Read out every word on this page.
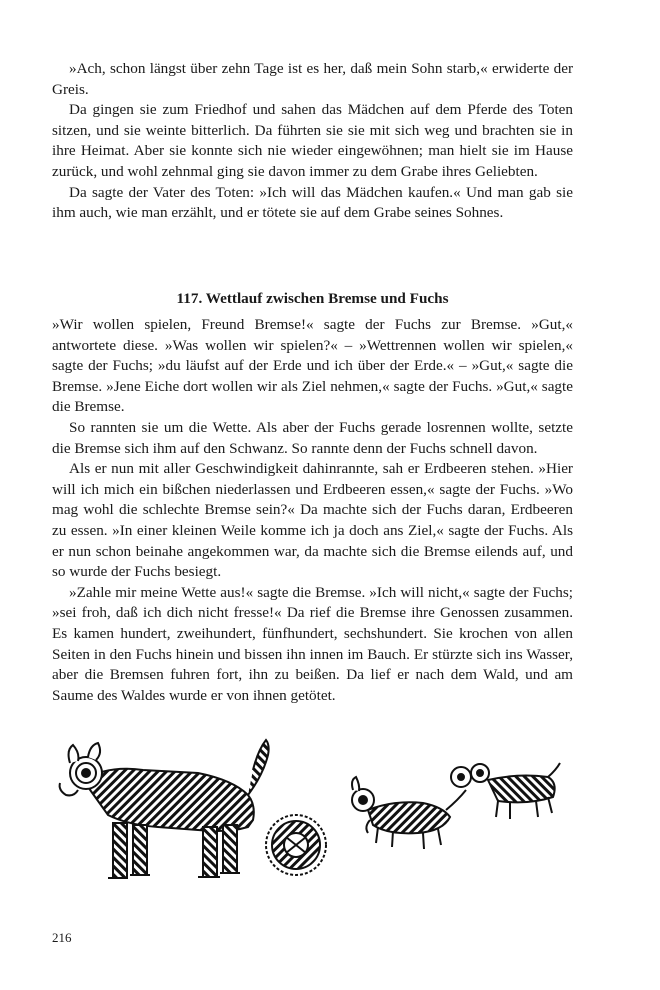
»Ach, schon längst über zehn Tage ist es her, daß mein Sohn starb,« erwiderte der Greis.

Da gingen sie zum Friedhof und sahen das Mädchen auf dem Pferde des Toten sitzen, und sie weinte bitterlich. Da führten sie sie mit sich weg und brachten sie in ihre Heimat. Aber sie konnte sich nie wieder eingewöhnen; man hielt sie im Hause zurück, und wohl zehnmal ging sie davon immer zu dem Grabe ihres Geliebten.

Da sagte der Vater des Toten: »Ich will das Mädchen kaufen.« Und man gab sie ihm auch, wie man erzählt, und er tötete sie auf dem Grabe seines Sohnes.

117. Wettlauf zwischen Bremse und Fuchs

»Wir wollen spielen, Freund Bremse!« sagte der Fuchs zur Bremse. »Gut,« antwortete diese. »Was wollen wir spielen?« – »Wettrennen wollen wir spielen,« sagte der Fuchs; »du läufst auf der Erde und ich über der Erde.« – »Gut,« sagte die Bremse. »Jene Eiche dort wollen wir als Ziel nehmen,« sagte der Fuchs. »Gut,« sagte die Bremse.

So rannten sie um die Wette. Als aber der Fuchs gerade losrennen wollte, setzte die Bremse sich ihm auf den Schwanz. So rannte denn der Fuchs schnell davon.

Als er nun mit aller Geschwindigkeit dahinrannte, sah er Erdbeeren stehen. »Hier will ich mich ein bißchen niederlassen und Erdbeeren essen,« sagte der Fuchs. »Wo mag wohl die schlechte Bremse sein?« Da machte sich der Fuchs daran, Erdbeeren zu essen. »In einer kleinen Weile komme ich ja doch ans Ziel,« sagte der Fuchs. Als er nun schon beinahe angekommen war, da machte sich die Bremse eilends auf, und so wurde der Fuchs besiegt.

»Zahle mir meine Wette aus!« sagte die Bremse. »Ich will nicht,« sagte der Fuchs; »sei froh, daß ich dich nicht fresse!« Da rief die Bremse ihre Genossen zusammen. Es kamen hundert, zweihundert, fünfhundert, sechshundert. Sie krochen von allen Seiten in den Fuchs hinein und bissen ihn innen im Bauch. Er stürzte sich ins Wasser, aber die Bremsen fuhren fort, ihn zu beißen. Da lief er nach dem Wald, und am Saume des Waldes wurde er von ihnen getötet.

216
